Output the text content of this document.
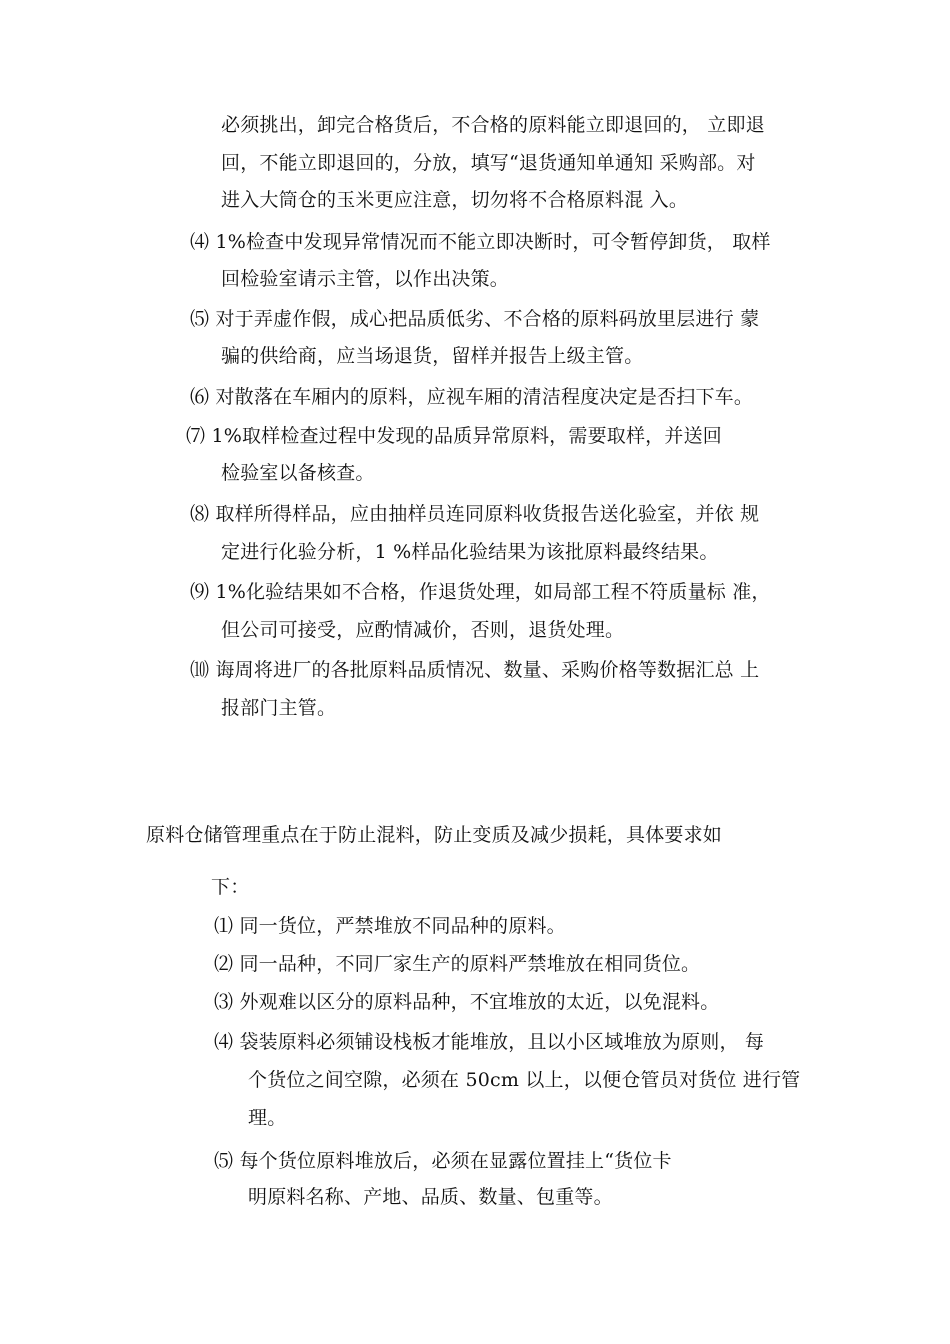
必须挑出，卸完合格货后，不合格的原料能立即退回的， 立即退
回，不能立即退回的，分放，填写“退货通知单通知 采购部。对
进入大筒仓的玉米更应注意，切勿将不合格原料混 入。
⑷ 1%检查中发现异常情况而不能立即决断时，可令暂停卸货， 取样
回检验室请示主管，以作出决策。
⑸ 对于弄虚作假，成心把品质低劣、不合格的原料码放里层进行 蒙
骗的供给商，应当场退货，留样并报告上级主管。
⑹ 对散落在车厢内的原料，应视车厢的清洁程度决定是否扫下车。
⑺ 1%取样检查过程中发现的品质异常原料，需要取样，并送回
检验室以备核查。
⑻ 取样所得样品，应由抽样员连同原料收货报告送化验室，并依 规
定进行化验分析，1 %样品化验结果为该批原料最终结果。
⑼ 1%化验结果如不合格，作退货处理，如局部工程不符质量标 准，
但公司可接受，应酌情减价，否则，退货处理。
⑽ 诲周将进厂的各批原料品质情况、数量、采购价格等数据汇总 上
报部门主管。
原料仓储管理重点在于防止混料，防止变质及减少损耗，具体要求如
下：
⑴ 同一货位，严禁堆放不同品种的原料。
⑵ 同一品种，不同厂家生产的原料严禁堆放在相同货位。
⑶ 外观难以区分的原料品种，不宜堆放的太近，以免混料。
⑷ 袋装原料必须铺设栈板才能堆放，且以小区域堆放为原则， 每
个货位之间空隙，必须在 50cm 以上，以便仓管员对货位 进行管
理。
⑸ 每个货位原料堆放后，必须在显露位置挂上“货位卡
明原料名称、产地、品质、数量、包重等。
